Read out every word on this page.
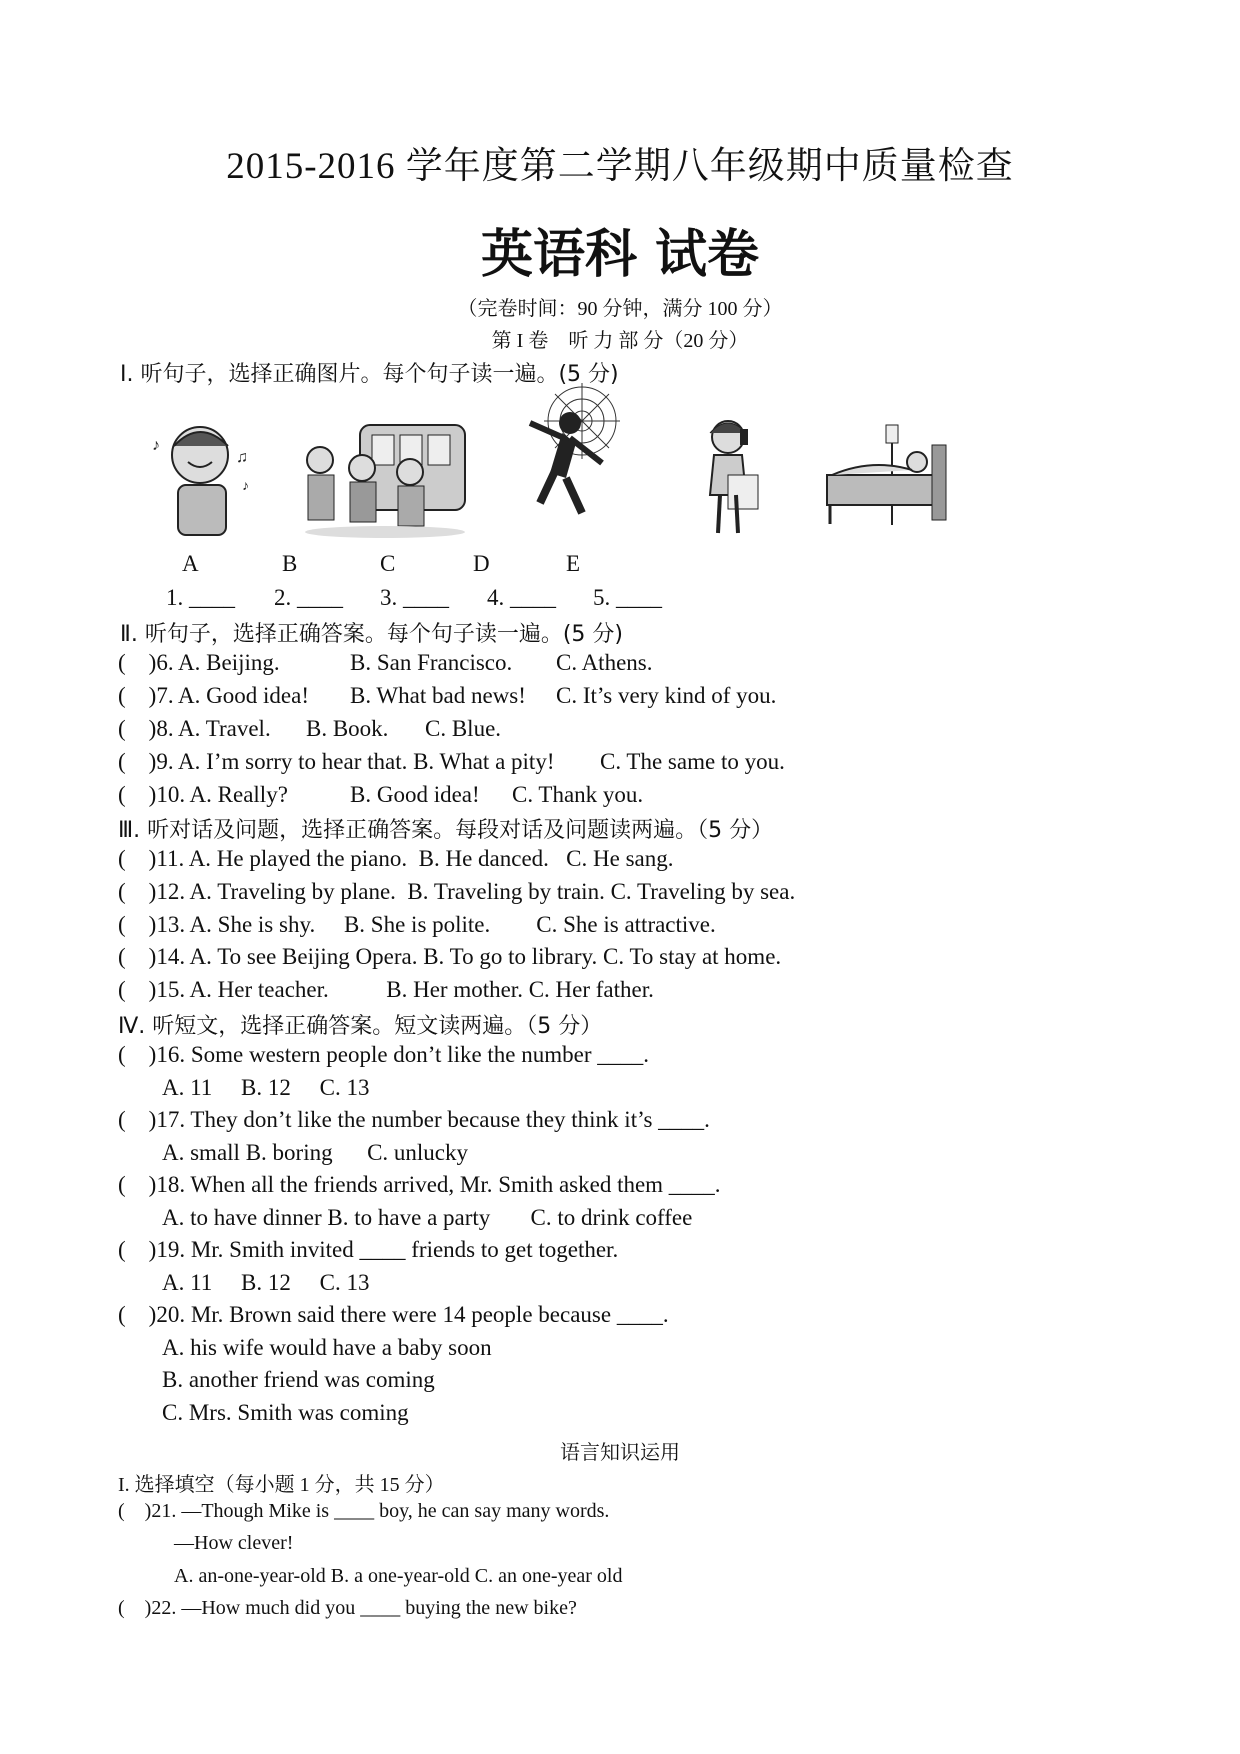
2015-2016 学年度第二学期八年级期中质量检查
英语科 试卷
（完卷时间：90 分钟，满分 100 分）
第 I 卷    听 力 部 分（20 分）
Ⅰ. 听句子，选择正确图片。每个句子读一遍。(5 分)
♪
♫
♪
A	B	C	D	E
1. ____ 2. ____ 3. ____ 4. ____ 5. ____
Ⅱ. 听句子，选择正确答案。每个句子读一遍。(5 分)
(    )6. A. Beijing.	B. San Francisco. C. Athens.
(    )7. A. Good idea! B. What bad news! C. It’s very kind of you.
(    )8. A. Travel. B. Book. C. Blue.
(    )9. A. I’m sorry to hear that. B. What a pity! C. The same to you.
(    )10. A. Really?	B. Good idea! C. Thank you.
Ⅲ. 听对话及问题，选择正确答案。每段对话及问题读两遍。（5 分）
(    )11. A. He played the piano.  B. He danced.   C. He sang.
(    )12. A. Traveling by plane.  B. Traveling by train. C. Traveling by sea.
(    )13. A. She is shy.     B. She is polite.        C. She is attractive.
(    )14. A. To see Beijing Opera. B. To go to library. C. To stay at home.
(    )15. A. Her teacher.          B. Her mother. C. Her father.
Ⅳ. 听短文，选择正确答案。短文读两遍。（5 分）
(    )16. Some western people don’t like the number ____.
A. 11     B. 12     C. 13
(    )17. They don’t like the number because they think it’s ____.
A. small B. boring      C. unlucky
(    )18. When all the friends arrived, Mr. Smith asked them ____.
A. to have dinner B. to have a party       C. to drink coffee
(    )19. Mr. Smith invited ____ friends to get together.
A. 11     B. 12     C. 13
(    )20. Mr. Brown said there were 14 people because ____.
A. his wife would have a baby soon
B. another friend was coming
C. Mrs. Smith was coming
语言知识运用
I. 选择填空（每小题 1 分，共 15 分）
(    )21. —Though Mike is ____ boy, he can say many words.
—How clever!
A. an-one-year-old B. a one-year-old C. an one-year old
(    )22. —How much did you ____ buying the new bike?
